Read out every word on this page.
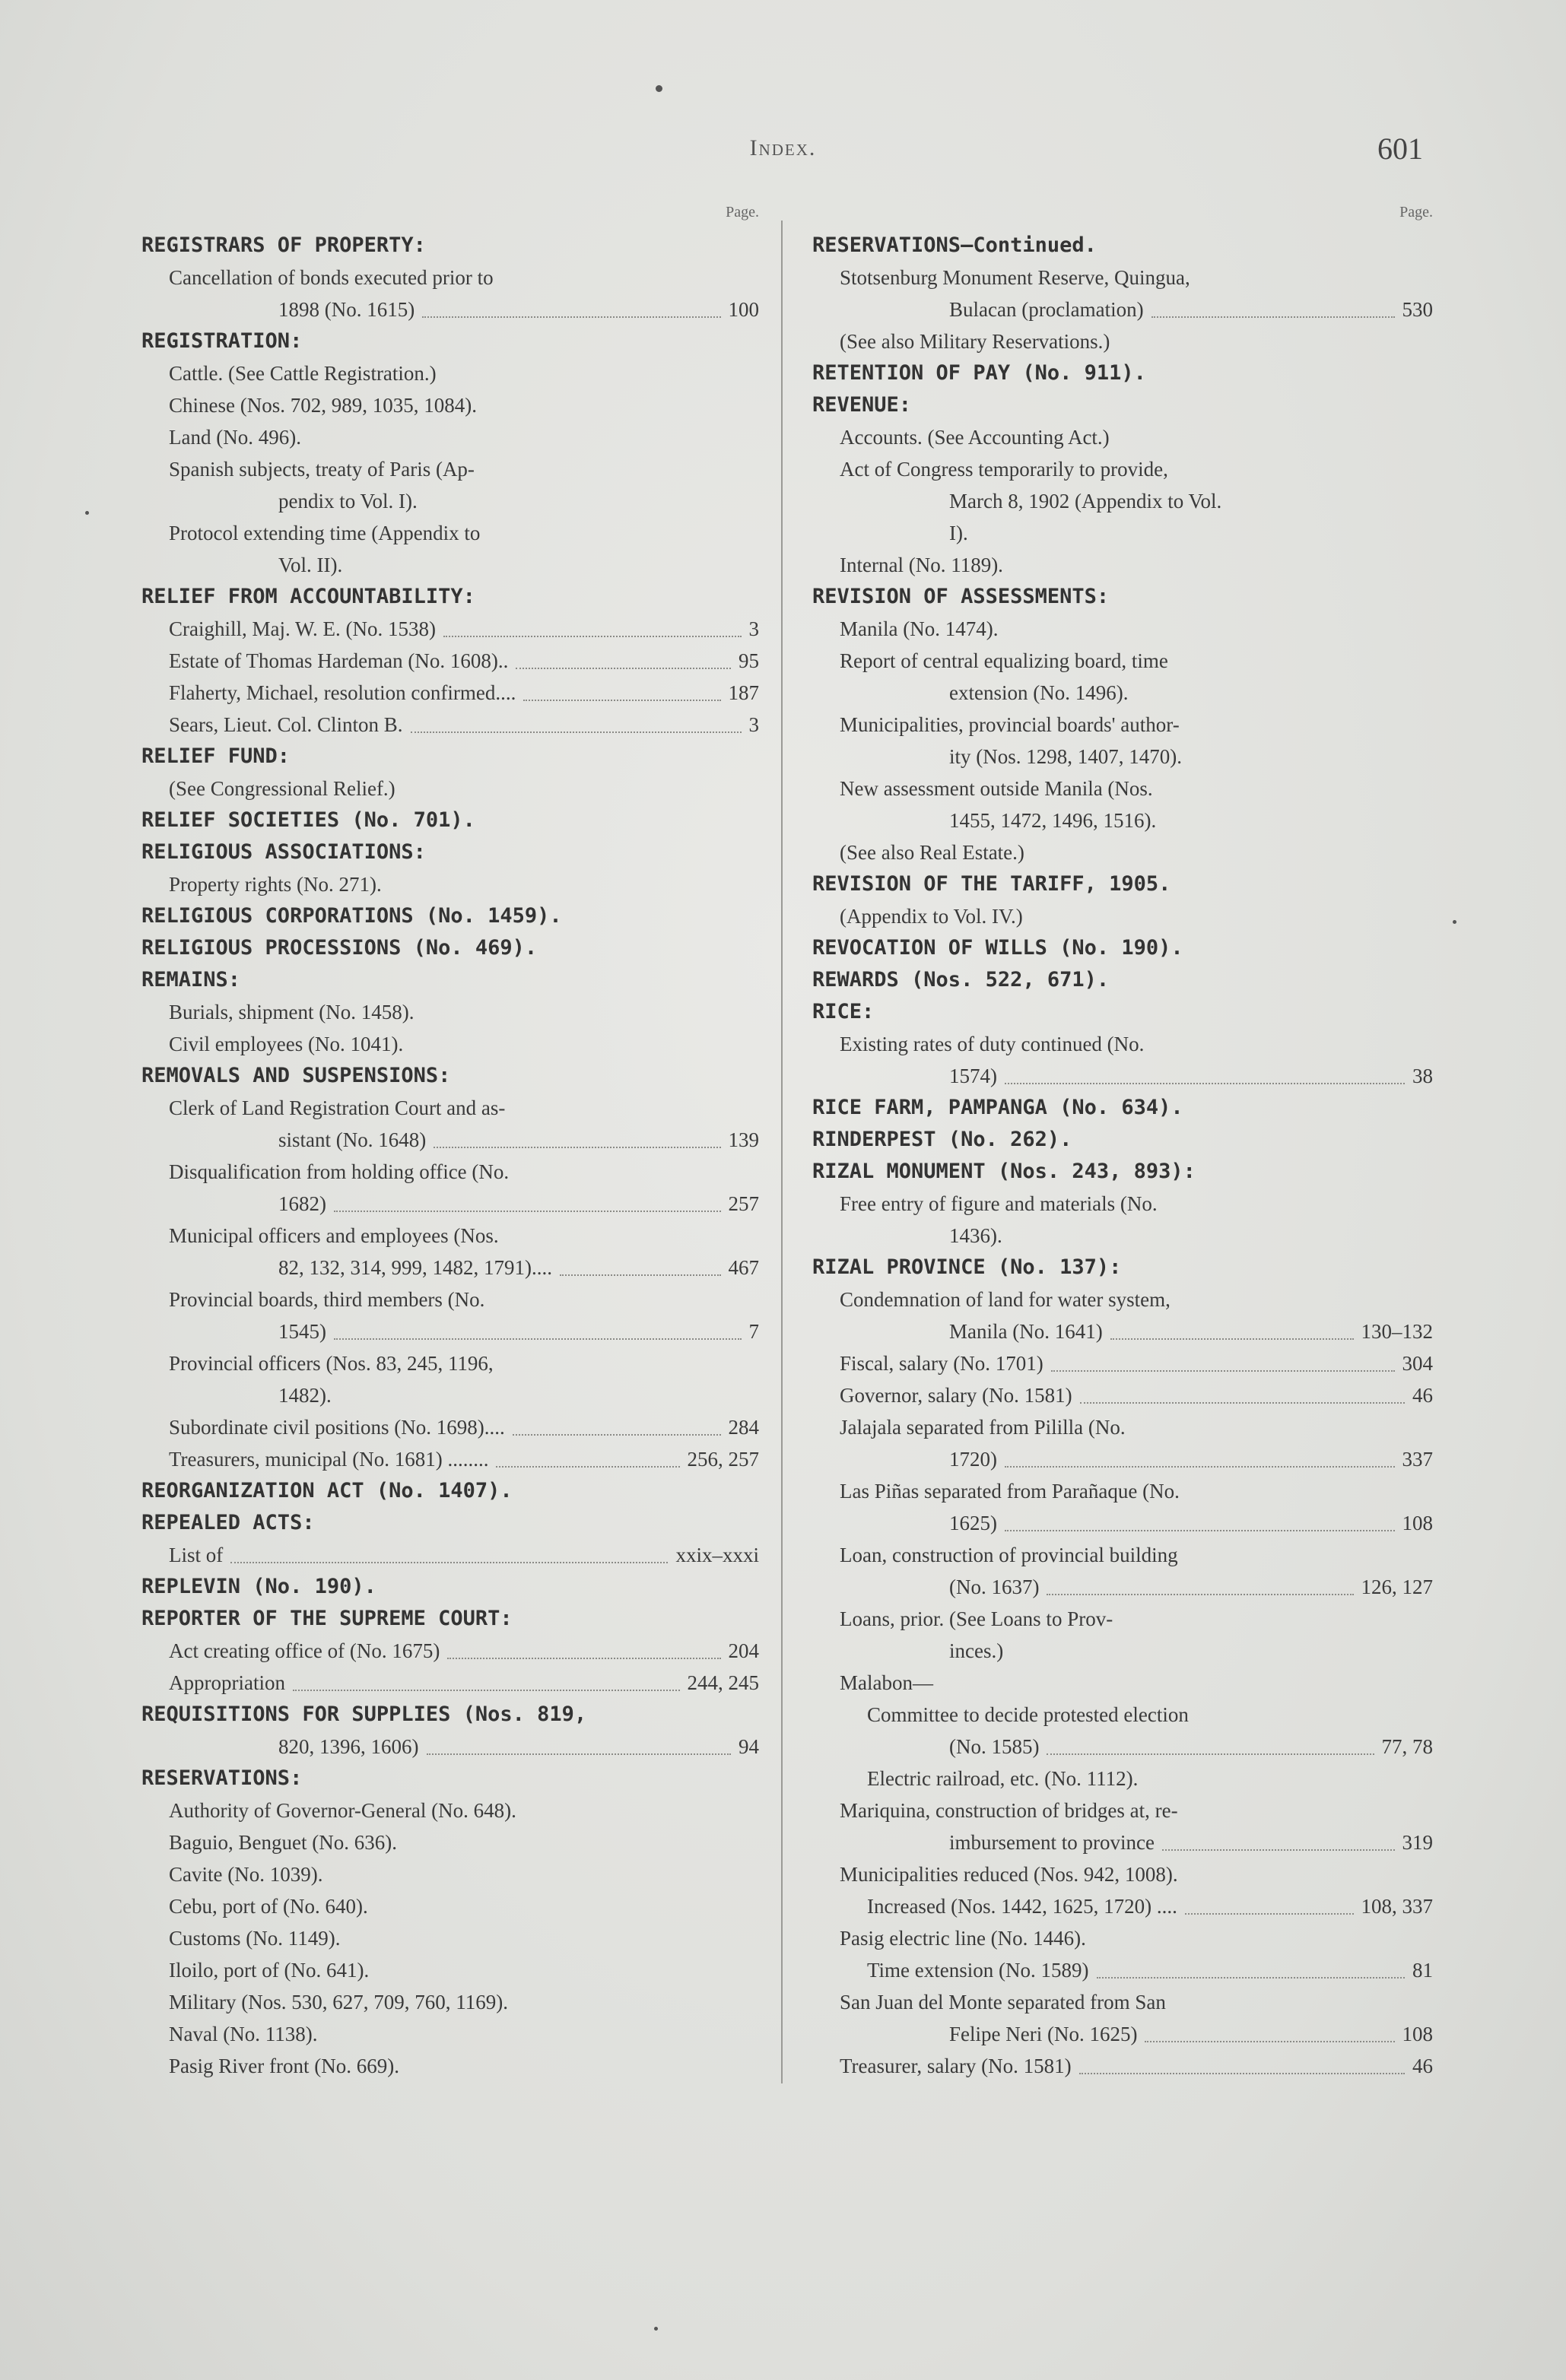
Index.	601
Page.
REGISTRARS OF PROPERTY:
Cancellation of bonds executed prior to
1898 (No. 1615)	100
REGISTRATION:
Cattle. (See Cattle Registration.)
Chinese (Nos. 702, 989, 1035, 1084).
Land (No. 496).
Spanish subjects, treaty of Paris (Ap-
pendix to Vol. I).
Protocol extending time (Appendix to
Vol. II).
RELIEF FROM ACCOUNTABILITY:
Craighill, Maj. W. E. (No. 1538)	3
Estate of Thomas Hardeman (No. 1608)..	95
Flaherty, Michael, resolution confirmed....	187
Sears, Lieut. Col. Clinton B.	3
RELIEF FUND:
(See Congressional Relief.)
RELIEF SOCIETIES (No. 701).
RELIGIOUS ASSOCIATIONS:
Property rights (No. 271).
RELIGIOUS CORPORATIONS (No. 1459).
RELIGIOUS PROCESSIONS (No. 469).
REMAINS:
Burials, shipment (No. 1458).
Civil employees (No. 1041).
REMOVALS AND SUSPENSIONS:
Clerk of Land Registration Court and as-
sistant (No. 1648)	139
Disqualification from holding office (No.
1682)	257
Municipal officers and employees (Nos.
82, 132, 314, 999, 1482, 1791)....	467
Provincial boards, third members (No.
1545)	7
Provincial officers (Nos. 83, 245, 1196,
1482).
Subordinate civil positions (No. 1698)....	284
Treasurers, municipal (No. 1681) ........	256, 257
REORGANIZATION ACT (No. 1407).
REPEALED ACTS:
List of	xxix–xxxi
REPLEVIN (No. 190).
REPORTER OF THE SUPREME COURT:
Act creating office of (No. 1675)	204
Appropriation	244, 245
REQUISITIONS FOR SUPPLIES (Nos. 819,
820, 1396, 1606)	94
RESERVATIONS:
Authority of Governor-General (No. 648).
Baguio, Benguet (No. 636).
Cavite (No. 1039).
Cebu, port of (No. 640).
Customs (No. 1149).
Iloilo, port of (No. 641).
Military (Nos. 530, 627, 709, 760, 1169).
Naval (No. 1138).
Pasig River front (No. 669).
Page.
RESERVATIONS—Continued.
Stotsenburg Monument Reserve, Quingua,
Bulacan (proclamation)	530
(See also Military Reservations.)
RETENTION OF PAY (No. 911).
REVENUE:
Accounts. (See Accounting Act.)
Act of Congress temporarily to provide,
March 8, 1902 (Appendix to Vol.
I).
Internal (No. 1189).
REVISION OF ASSESSMENTS:
Manila (No. 1474).
Report of central equalizing board, time
extension (No. 1496).
Municipalities, provincial boards' author-
ity (Nos. 1298, 1407, 1470).
New assessment outside Manila (Nos.
1455, 1472, 1496, 1516).
(See also Real Estate.)
REVISION OF THE TARIFF, 1905.
(Appendix to Vol. IV.)
REVOCATION OF WILLS (No. 190).
REWARDS (Nos. 522, 671).
RICE:
Existing rates of duty continued (No.
1574)	38
RICE FARM, PAMPANGA (No. 634).
RINDERPEST (No. 262).
RIZAL MONUMENT (Nos. 243, 893):
Free entry of figure and materials (No.
1436).
RIZAL PROVINCE (No. 137):
Condemnation of land for water system,
Manila (No. 1641)	130–132
Fiscal, salary (No. 1701)	304
Governor, salary (No. 1581)	46
Jalajala separated from Pililla (No.
1720)	337
Las Piñas separated from Parañaque (No.
1625)	108
Loan, construction of provincial building
(No. 1637)	126, 127
Loans, prior. (See Loans to Prov-
inces.)
Malabon—
Committee to decide protested election
(No. 1585)	77, 78
Electric railroad, etc. (No. 1112).
Mariquina, construction of bridges at, re-
imbursement to province	319
Municipalities reduced (Nos. 942, 1008).
Increased (Nos. 1442, 1625, 1720) ....	108, 337
Pasig electric line (No. 1446).
Time extension (No. 1589)	81
San Juan del Monte separated from San
Felipe Neri (No. 1625)	108
Treasurer, salary (No. 1581)	46
